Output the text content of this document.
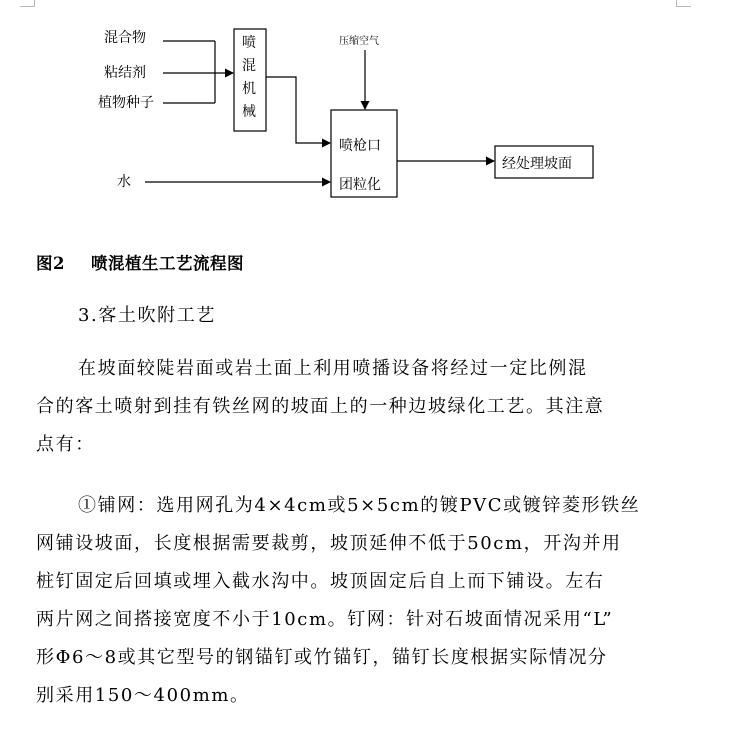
混合物
粘结剂
植物种子
喷
混
机
械
压缩空气
水
喷枪口
团粒化
经处理坡面
图2 喷混植生工艺流程图
3.客土吹附工艺
在坡面较陡岩面或岩土面上利用喷播设备将经过一定比例混
合的客土喷射到挂有铁丝网的坡面上的一种边坡绿化工艺。其注意
点有：
①铺网：选用网孔为4×4cm或5×5cm的镀PVC或镀锌菱形铁丝
网铺设坡面，长度根据需要裁剪，坡顶延伸不低于50cm，开沟并用
桩钉固定后回填或埋入截水沟中。坡顶固定后自上而下铺设。左右
两片网之间搭接宽度不小于10cm。钉网：针对石坡面情况采用“L”
形Φ6～8或其它型号的钢锚钉或竹锚钉，锚钉长度根据实际情况分
别采用150～400mm。
